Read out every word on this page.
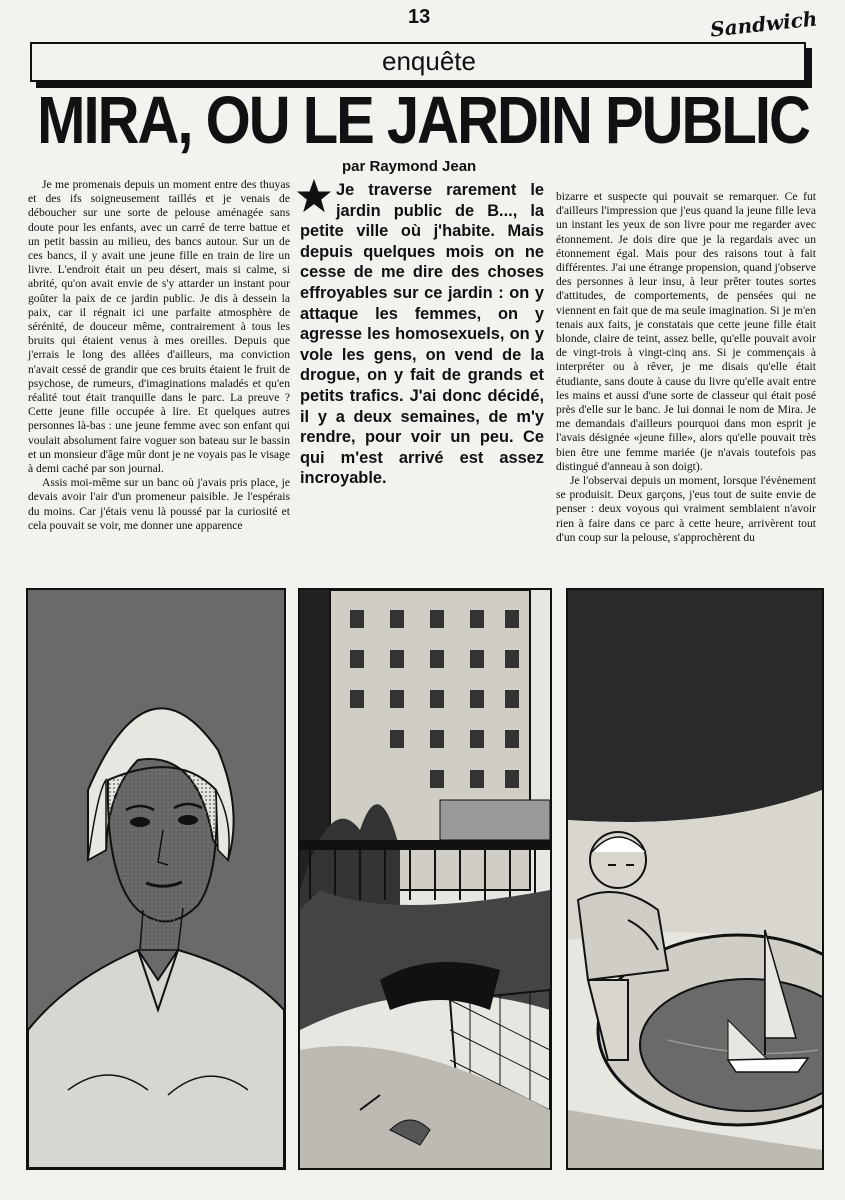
13	Sandwich
enquête
MIRA, OU LE JARDIN PUBLIC
par Raymond Jean

Je me promenais depuis un moment entre des thuyas et des ifs soigneusement taillés et je venais de déboucher sur une sorte de pelouse aménagée sans doute pour les enfants, avec un carré de terre battue et un petit bassin au milieu, des bancs autour. Sur un de ces bancs, il y avait une jeune fille en train de lire un livre. L'endroit était un peu désert, mais si calme, si abrité, qu'on avait envie de s'y attarder un instant pour goûter la paix de ce jardin public. Je dis à dessein la paix, car il régnait ici une parfaite atmosphère de sérénité, de douceur même, contrairement à tous les bruits qui étaient venus à mes oreilles. Depuis que j'errais le long des allées d'ailleurs, ma conviction n'avait cessé de grandir que ces bruits étaient le fruit de psychose, de rumeurs, d'imaginations maladés et qu'en réalité tout était tranquille dans le parc. La preuve ? Cette jeune fille occupée à lire. Et quelques autres personnes là-bas : une jeune femme avec son enfant qui voulait absolument faire voguer son bateau sur le bassin et un monsieur d'âge mûr dont je ne voyais pas le visage à demi caché par son journal.

Assis moi-même sur un banc où j'avais pris place, je devais avoir l'air d'un promeneur paisible. Je l'espérais du moins. Car j'étais venu là poussé par la curiosité et cela pouvait se voir, me donner une apparence

Je traverse rarement le jardin public de B..., la petite ville où j'habite. Mais depuis quelques mois on ne cesse de me dire des choses effroyables sur ce jardin : on y attaque les femmes, on y agresse les homosexuels, on y vole les gens, on vend de la drogue, on y fait de grands et petits trafics. J'ai donc décidé, il y a deux semaines, de m'y rendre, pour voir un peu. Ce qui m'est arrivé est assez incroyable.

bizarre et suspecte qui pouvait se remarquer. Ce fut d'ailleurs l'impression que j'eus quand la jeune fille leva un instant les yeux de son livre pour me regarder avec étonnement. Je dois dire que je la regardais avec un étonnement égal. Mais pour des raisons tout à fait différentes. J'ai une étrange propension, quand j'observe des personnes à leur insu, à leur prêter toutes sortes d'attitudes, de comportements, de pensées qui ne viennent en fait que de ma seule imagination. Si je m'en tenais aux faits, je constatais que cette jeune fille était blonde, claire de teint, assez belle, qu'elle pouvait avoir de vingt-trois à vingt-cinq ans. Si je commençais à interpréter ou à rêver, je me disais qu'elle était étudiante, sans doute à cause du livre qu'elle avait entre les mains et aussi d'une sorte de classeur qui était posé près d'elle sur le banc. Je lui donnai le nom de Mira. Je me demandais d'ailleurs pourquoi dans mon esprit je l'avais désignée «jeune fille», alors qu'elle pouvait très bien être une femme mariée (je n'avais toutefois pas distingué d'anneau à son doigt).

Je l'observai depuis un moment, lorsque l'évènement se produisit. Deux garçons, j'eus tout de suite envie de penser : deux voyous qui vraiment semblaient n'avoir rien à faire dans ce parc à cette heure, arrivèrent tout d'un coup sur la pelouse, s'approchèrent du
